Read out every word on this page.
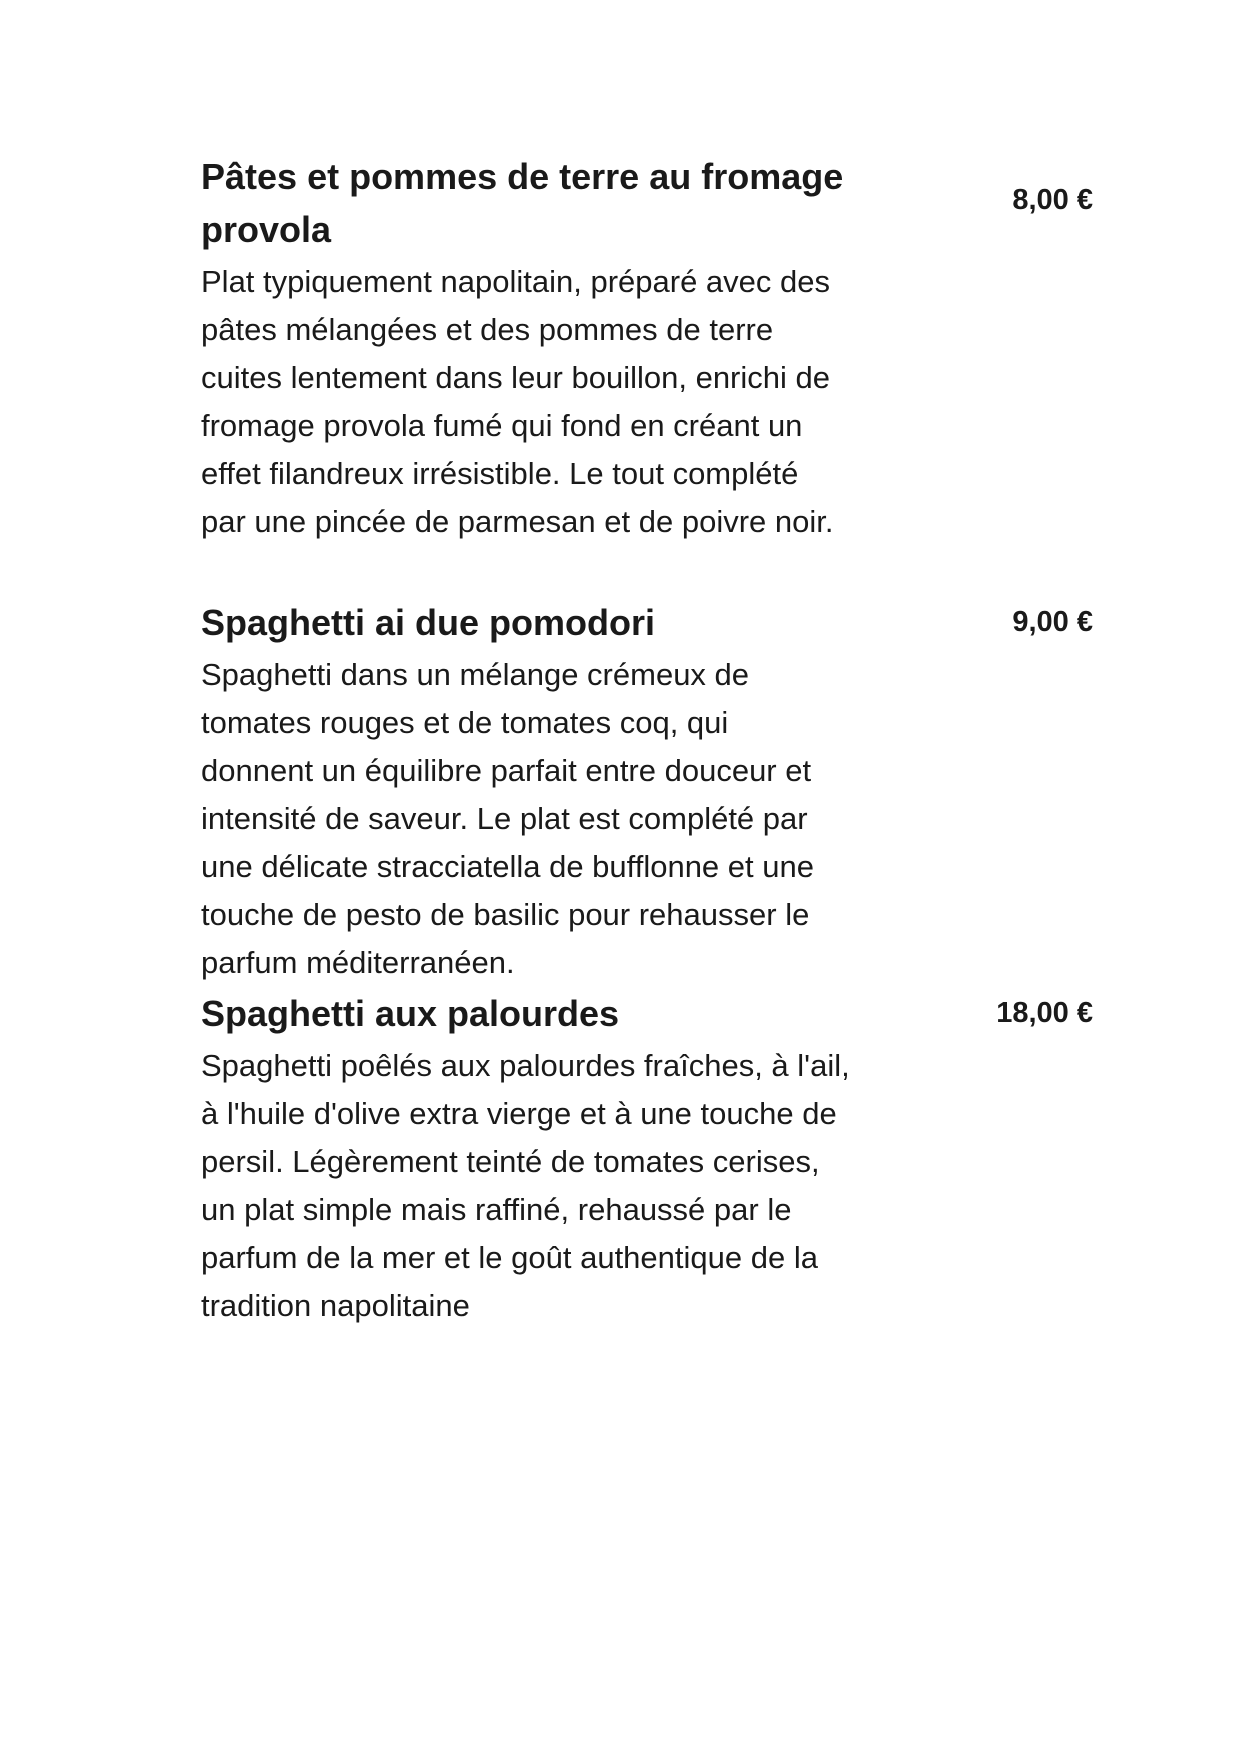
Pâtes et pommes de terre au fromage
provola
8,00 €

Plat typiquement napolitain, préparé avec des
pâtes mélangées et des pommes de terre
cuites lentement dans leur bouillon, enrichi de
fromage provola fumé qui fond en créant un
effet filandreux irrésistible. Le tout complété
par une pincée de parmesan et de poivre noir.

Spaghetti ai due pomodori	9,00 €

Spaghetti dans un mélange crémeux de
tomates rouges et de tomates coq, qui
donnent un équilibre parfait entre douceur et
intensité de saveur. Le plat est complété par
une délicate stracciatella de bufflonne et une
touche de pesto de basilic pour rehausser le
parfum méditerranéen.

Spaghetti aux palourdes	18,00 €

Spaghetti poêlés aux palourdes fraîches, à l'ail,
à l'huile d'olive extra vierge et à une touche de
persil. Légèrement teinté de tomates cerises,
un plat simple mais raffiné, rehaussé par le
parfum de la mer et le goût authentique de la
tradition napolitaine
